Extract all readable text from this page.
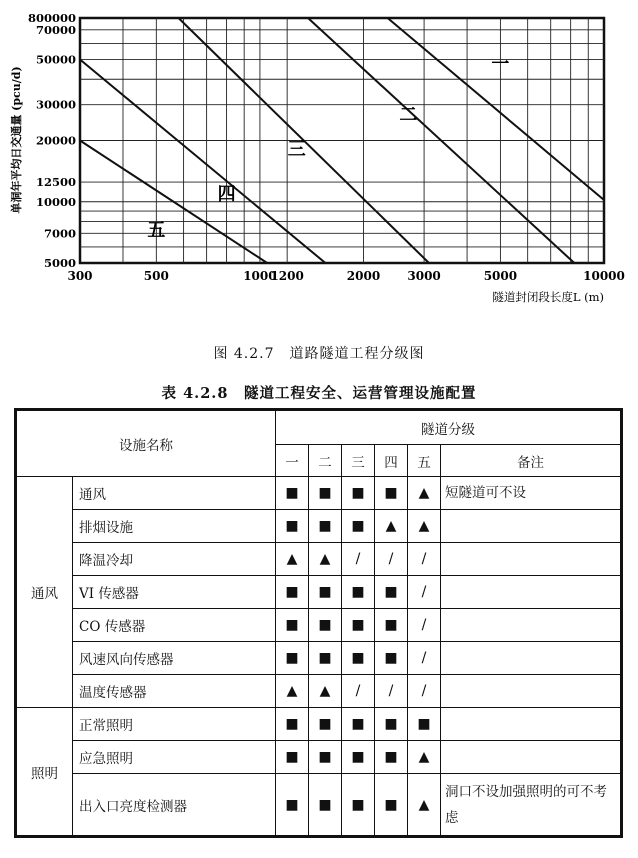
300	500	1000
1200	2000 3000	5000	10000
5000
7000
10000
12500
20000
30000
50000
70000
800000
一
二
三
四
五
隧道封闭段长度L (m)
单洞年平均日交通量 (pcu/d)
图 4.2.7　道路隧道工程分级图
表 4.2.8　隧道工程安全、运营管理设施配置
设施名称		隧道分级					
		一	二	三	四	五	备注
通风	通风	■	■	■	■	▲	短隧道可不设
	排烟设施	■	■	■	▲	▲	
	降温冷却	▲	▲	/	/	/	
	VI 传感器	■	■	■	■	/	
	CO 传感器	■	■	■	■	/	
	风速风向传感器	■	■	■	■	/	
	温度传感器	▲	▲	/	/	/	
照明	正常照明	■	■	■	■	■	
	应急照明	■	■	■	■	▲	
	出入口亮度检测器	■	■	■	■	▲	洞口不设加强照明的可不考虑
